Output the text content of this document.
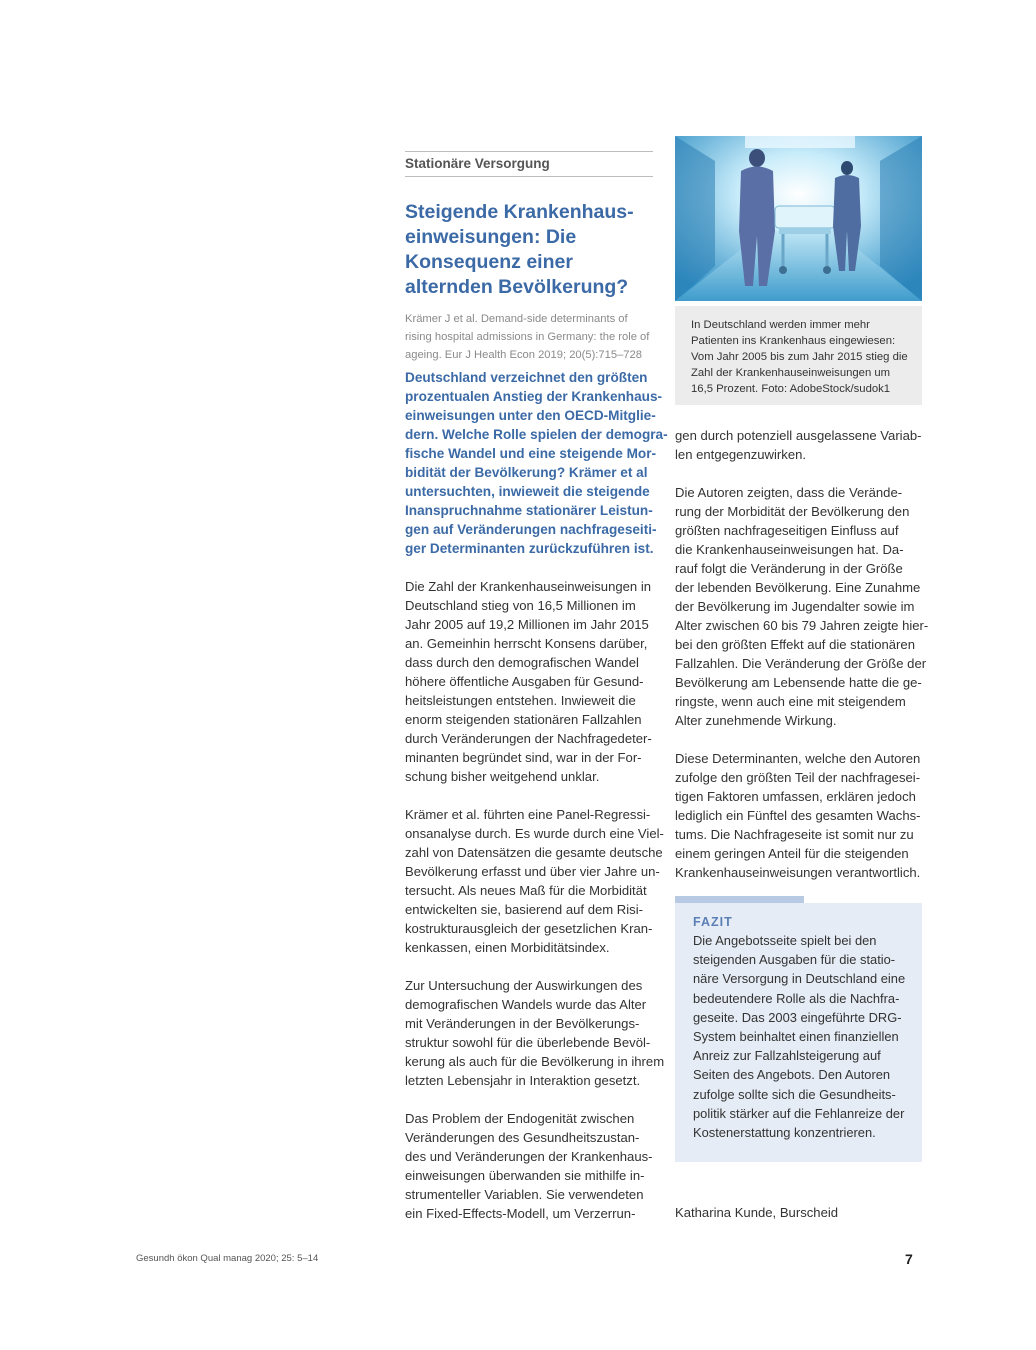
Stationäre Versorgung
Steigende Krankenhaus-
einweisungen: Die
Konsequenz einer
alternden Bevölkerung?
Krämer J et al. Demand-side determinants of
rising hospital admissions in Germany: the role of
ageing. Eur J Health Econ 2019; 20(5):715–728
Deutschland verzeichnet den größten
prozentualen Anstieg der Krankenhaus-
einweisungen unter den OECD-Mitglie-
dern. Welche Rolle spielen der demogra-
fische Wandel und eine steigende Mor-
bidität der Bevölkerung? Krämer et al
untersuchten, inwieweit die steigende
Inanspruchnahme stationärer Leistun-
gen auf Veränderungen nachfrageseiti-
ger Determinanten zurückzuführen ist.
Die Zahl der Krankenhauseinweisungen in
Deutschland stieg von 16,5 Millionen im
Jahr 2005 auf 19,2 Millionen im Jahr 2015
an. Gemeinhin herrscht Konsens darüber,
dass durch den demografischen Wandel
höhere öffentliche Ausgaben für Gesund-
heitsleistungen entstehen. Inwieweit die
enorm steigenden stationären Fallzahlen
durch Veränderungen der Nachfragedeter-
minanten begründet sind, war in der For-
schung bisher weitgehend unklar.
Krämer et al. führten eine Panel-Regressi-
onsanalyse durch. Es wurde durch eine Viel-
zahl von Datensätzen die gesamte deutsche
Bevölkerung erfasst und über vier Jahre un-
tersucht. Als neues Maß für die Morbidität
entwickelten sie, basierend auf dem Risi-
kostrukturausgleich der gesetzlichen Kran-
kenkassen, einen Morbiditätsindex.
Zur Untersuchung der Auswirkungen des
demografischen Wandels wurde das Alter
mit Veränderungen in der Bevölkerungs-
struktur sowohl für die überlebende Bevöl-
kerung als auch für die Bevölkerung in ihrem
letzten Lebensjahr in Interaktion gesetzt.
Das Problem der Endogenität zwischen
Veränderungen des Gesundheitszustan-
des und Veränderungen der Krankenhaus-
einweisungen überwanden sie mithilfe in-
strumenteller Variablen. Sie verwendeten
ein Fixed-Effects-Modell, um Verzerrun-
In Deutschland werden immer mehr
Patienten ins Krankenhaus eingewiesen:
Vom Jahr 2005 bis zum Jahr 2015 stieg die
Zahl der Krankenhauseinweisungen um
16,5 Prozent. Foto: AdobeStock/sudok1
gen durch potenziell ausgelassene Variab-
len entgegenzuwirken.
Die Autoren zeigten, dass die Verände-
rung der Morbidität der Bevölkerung den
größten nachfrageseitigen Einfluss auf
die Krankenhauseinweisungen hat. Da-
rauf folgt die Veränderung in der Größe
der lebenden Bevölkerung. Eine Zunahme
der Bevölkerung im Jugendalter sowie im
Alter zwischen 60 bis 79 Jahren zeigte hier-
bei den größten Effekt auf die stationären
Fallzahlen. Die Veränderung der Größe der
Bevölkerung am Lebensende hatte die ge-
ringste, wenn auch eine mit steigendem
Alter zunehmende Wirkung.
Diese Determinanten, welche den Autoren
zufolge den größten Teil der nachfragesei-
tigen Faktoren umfassen, erklären jedoch
lediglich ein Fünftel des gesamten Wachs-
tums. Die Nachfrageseite ist somit nur zu
einem geringen Anteil für die steigenden
Krankenhauseinweisungen verantwortlich.
FAZIT
Die Angebotsseite spielt bei den
steigenden Ausgaben für die statio-
näre Versorgung in Deutschland eine
bedeutendere Rolle als die Nachfra-
geseite. Das 2003 eingeführte DRG-
System beinhaltet einen finanziellen
Anreiz zur Fallzahlsteigerung auf
Seiten des Angebots. Den Autoren
zufolge sollte sich die Gesundheits-
politik stärker auf die Fehlanreize der
Kostenerstattung konzentrieren.
Katharina Kunde, Burscheid
Gesundh ökon Qual manag 2020; 25: 5–14	7
